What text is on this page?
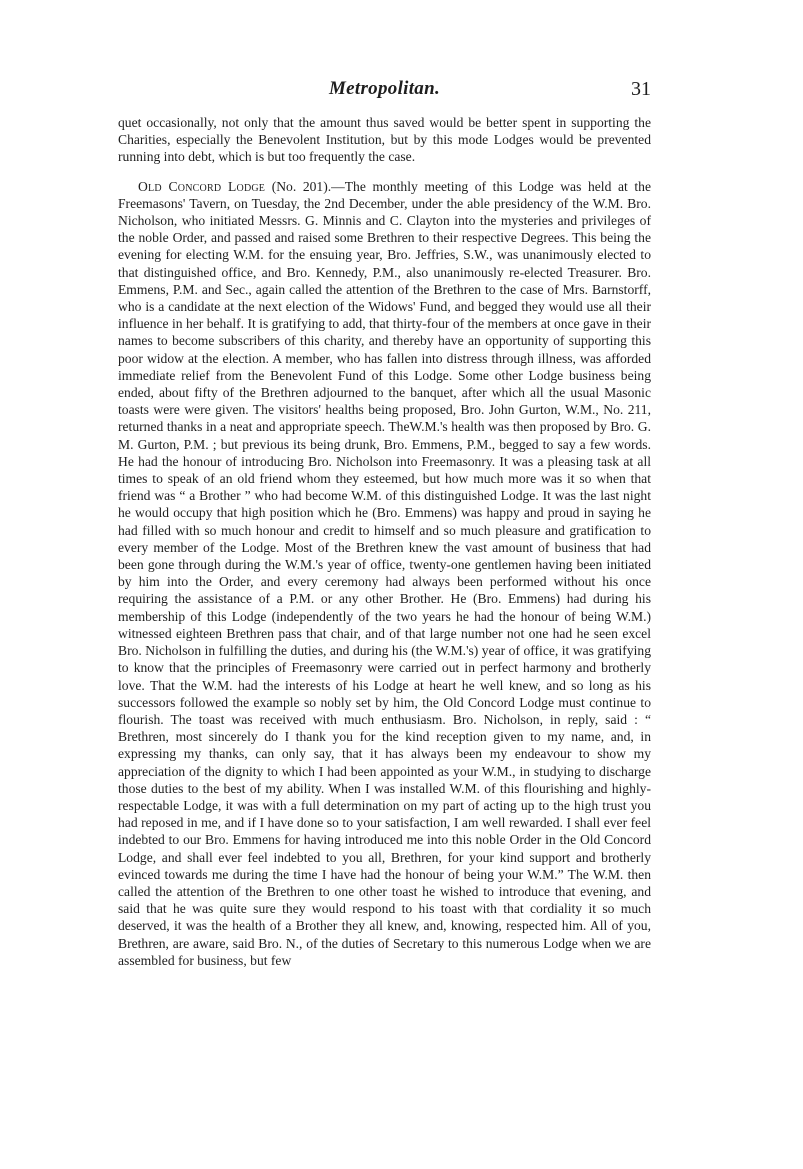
Metropolitan.	31

quet occasionally, not only that the amount thus saved would be better spent in supporting the Charities, especially the Benevolent Institution, but by this mode Lodges would be prevented running into debt, which is but too frequently the case.

Old Concord Lodge (No. 201).—The monthly meeting of this Lodge was held at the Freemasons' Tavern, on Tuesday, the 2nd December, under the able presidency of the W.M. Bro. Nicholson, who initiated Messrs. G. Minnis and C. Clayton into the mysteries and privileges of the noble Order, and passed and raised some Brethren to their respective Degrees. This being the evening for electing W.M. for the ensuing year, Bro. Jeffries, S.W., was unanimously elected to that distinguished office, and Bro. Kennedy, P.M., also unanimously re-elected Treasurer. Bro. Emmens, P.M. and Sec., again called the attention of the Brethren to the case of Mrs. Barnstorff, who is a candidate at the next election of the Widows' Fund, and begged they would use all their influence in her behalf. It is gratifying to add, that thirty-four of the members at once gave in their names to become subscribers of this charity, and thereby have an opportunity of supporting this poor widow at the election. A member, who has fallen into distress through illness, was afforded immediate relief from the Benevolent Fund of this Lodge. Some other Lodge business being ended, about fifty of the Brethren adjourned to the banquet, after which all the usual Masonic toasts were were given. The visitors' healths being proposed, Bro. John Gurton, W.M., No. 211, returned thanks in a neat and appropriate speech. TheW.M.'s health was then proposed by Bro. G. M. Gurton, P.M. ; but previous its being drunk, Bro. Emmens, P.M., begged to say a few words. He had the honour of introducing Bro. Nicholson into Freemasonry. It was a pleasing task at all times to speak of an old friend whom they esteemed, but how much more was it so when that friend was “ a Brother ” who had become W.M. of this distinguished Lodge. It was the last night he would occupy that high position which he (Bro. Emmens) was happy and proud in saying he had filled with so much honour and credit to himself and so much pleasure and gratification to every member of the Lodge. Most of the Brethren knew the vast amount of business that had been gone through during the W.M.'s year of office, twenty-one gentlemen having been initiated by him into the Order, and every ceremony had always been performed without his once requiring the assistance of a P.M. or any other Brother. He (Bro. Emmens) had during his membership of this Lodge (independently of the two years he had the honour of being W.M.) witnessed eighteen Brethren pass that chair, and of that large number not one had he seen excel Bro. Nicholson in fulfilling the duties, and during his (the W.M.'s) year of office, it was gratifying to know that the principles of Freemasonry were carried out in perfect harmony and brotherly love. That the W.M. had the interests of his Lodge at heart he well knew, and so long as his successors followed the example so nobly set by him, the Old Concord Lodge must continue to flourish. The toast was received with much enthusiasm. Bro. Nicholson, in reply, said : “ Brethren, most sincerely do I thank you for the kind reception given to my name, and, in expressing my thanks, can only say, that it has always been my endeavour to show my appreciation of the dignity to which I had been appointed as your W.M., in studying to discharge those duties to the best of my ability. When I was installed W.M. of this flourishing and highly-respectable Lodge, it was with a full determination on my part of acting up to the high trust you had reposed in me, and if I have done so to your satisfaction, I am well rewarded. I shall ever feel indebted to our Bro. Emmens for having introduced me into this noble Order in the Old Concord Lodge, and shall ever feel indebted to you all, Brethren, for your kind support and brotherly evinced towards me during the time I have had the honour of being your W.M.” The W.M. then called the attention of the Brethren to one other toast he wished to introduce that evening, and said that he was quite sure they would respond to his toast with that cordiality it so much deserved, it was the health of a Brother they all knew, and, knowing, respected him. All of you, Brethren, are aware, said Bro. N., of the duties of Secretary to this numerous Lodge when we are assembled for business, but few
